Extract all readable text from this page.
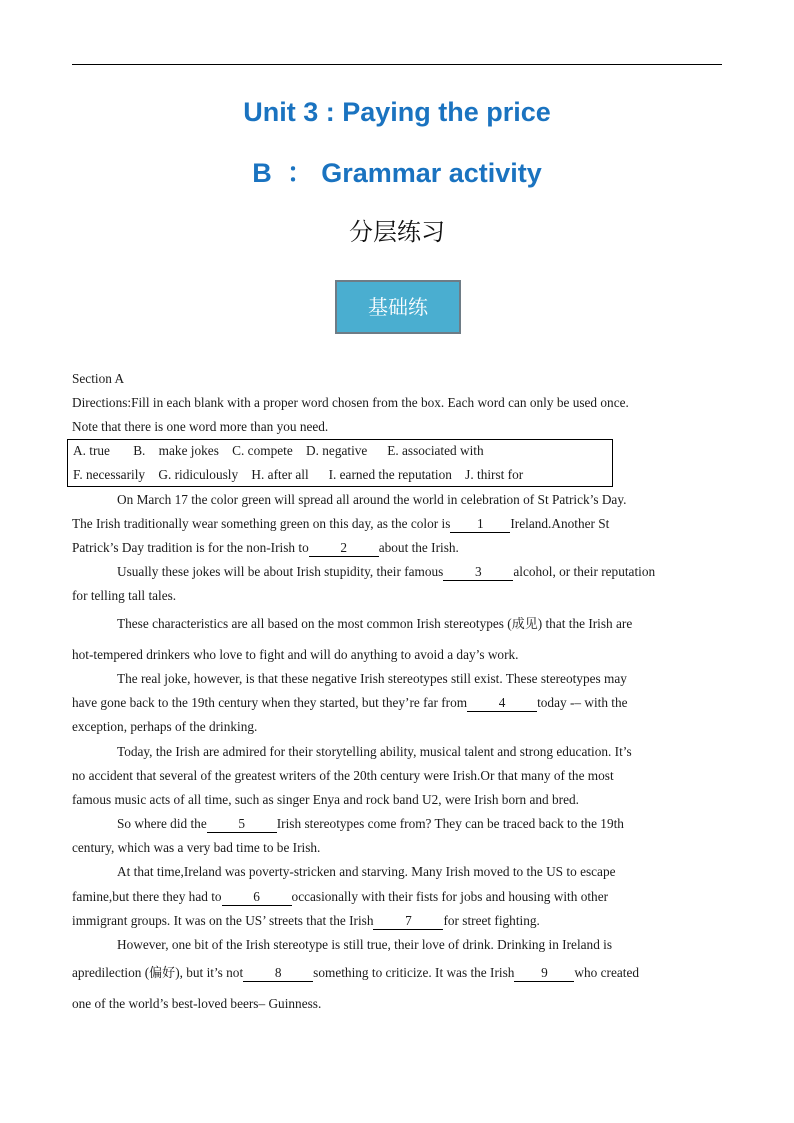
Unit 3 : Paying the price
B  ： Grammar activity
分层练习
基础练
Section A
Directions:Fill in each blank with a proper word chosen from the box. Each word can only be used once.
Note that there is one word more than you need.
A. true       B.    make jokes    C. compete    D. negative      E. associated with
F. necessarily    G. ridiculously    H. after all      I. earned the reputation    J. thirst for
On March 17 the color green will spread all around the world in celebration of St Patrick’s Day.
The Irish traditionally wear something green on this day, as the color is 1 Ireland.Another St
Patrick’s Day tradition is for the non-Irish to 2 about the Irish.
Usually these jokes will be about Irish stupidity, their famous 3 alcohol, or their reputation
for telling tall tales.
These characteristics are all based on the most common Irish stereotypes (成见) that the Irish are
hot-tempered drinkers who love to fight and will do anything to avoid a day’s work.
The real joke, however, is that these negative Irish stereotypes still exist. These stereotypes may
have gone back to the 19th century when they started, but they’re far from 4 today -– with the
exception, perhaps of the drinking.
Today, the Irish are admired for their storytelling ability, musical talent and strong education. It’s
no accident that several of the greatest writers of the 20th century were Irish.Or that many of the most
famous music acts of all time, such as singer Enya and rock band U2, were Irish born and bred.
So where did the 5 Irish stereotypes come from? They can be traced back to the 19th
century, which was a very bad time to be Irish.
At that time,Ireland was poverty-stricken and starving. Many Irish moved to the US to escape
famine,but there they had to 6 occasionally with their fists for jobs and housing with other
immigrant groups. It was on the US’ streets that the Irish 7 for street fighting.
However, one bit of the Irish stereotype is still true, their love of drink. Drinking in Ireland is
apredilection (偏好), but it’s not 8 something to criticize. It was the Irish 9 who created
one of the world’s best-loved beers– Guinness.
